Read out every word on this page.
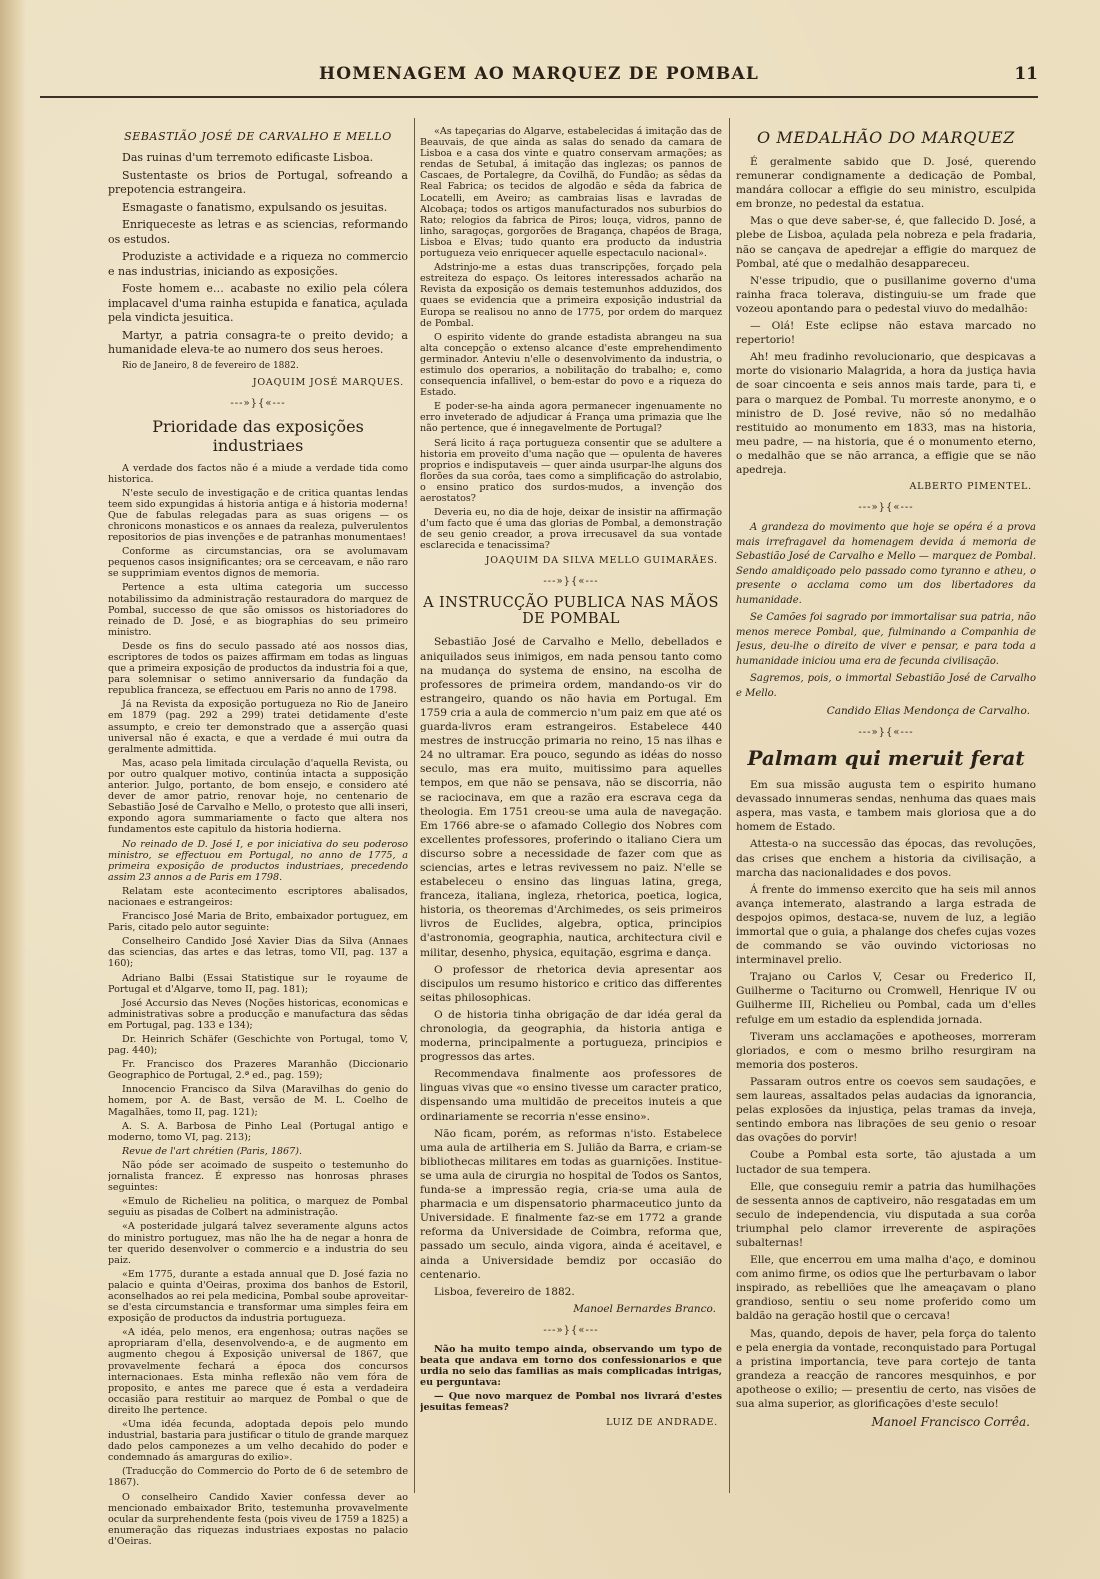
HOMENAGEM AO MARQUEZ DE POMBAL	11
SEBASTIÃO JOSÉ DE CARVALHO E MELLO

Das ruinas d'um terremoto edificaste Lisboa.

Sustentaste os brios de Portugal, sofreando a prepotencia estrangeira.

Esmagaste o fanatismo, expulsando os jesuitas.

Enriqueceste as letras e as sciencias, reformando os estudos.

Produziste a actividade e a riqueza no commercio e nas industrias, iniciando as exposições.

Foste homem e… acabaste no exilio pela cólera implacavel d'uma rainha estupida e fanatica, açulada pela vindicta jesuitica.

Martyr, a patria consagra-te o preito devido; a humanidade eleva-te ao numero dos seus heroes.

Rio de Janeiro, 8 de fevereiro de 1882.
JOAQUIM JOSÉ MARQUES.
---»}{«---
Prioridade das exposições industriaes

A verdade dos factos não é a miude a verdade tida como historica.

N'este seculo de investigação e de critica quantas lendas teem sido expungidas á historia antiga e á historia moderna! Que de fabulas relegadas para as suas origens — os chronicons monasticos e os annaes da realeza, pulverulentos repositorios de pias invenções e de patranhas monumentaes!

Conforme as circumstancias, ora se avolumavam pequenos casos insignificantes; ora se cerceavam, e não raro se supprimiam eventos dignos de memoria.

Pertence a esta ultima categoria um successo notabilissimo da administração restauradora do marquez de Pombal, successo de que são omissos os historiadores do reinado de D. José, e as biographias do seu primeiro ministro.

Desde os fins do seculo passado até aos nossos dias, escriptores de todos os paizes affirmam em todas as linguas que a primeira exposição de productos da industria foi a que, para solemnisar o setimo anniversario da fundação da republica franceza, se effectuou em Paris no anno de 1798.

Já na Revista da exposição portugueza no Rio de Janeiro em 1879 (pag. 292 a 299) tratei detidamente d'este assumpto, e creio ter demonstrado que a asserção quasi universal não é exacta, e que a verdade é mui outra da geralmente admittida.

Mas, acaso pela limitada circulação d'aquella Revista, ou por outro qualquer motivo, continúa intacta a supposição anterior. Julgo, portanto, de bom ensejo, e considero até dever de amor patrio, renovar hoje, no centenario de Sebastião José de Carvalho e Mello, o protesto que alli inseri, expondo agora summariamente o facto que altera nos fundamentos este capitulo da historia hodierna.

No reinado de D. José I, e por iniciativa do seu poderoso ministro, se effectuou em Portugal, no anno de 1775, a primeira exposição de productos industriaes, precedendo assim 23 annos a de Paris em 1798.

Relatam este acontecimento escriptores abalisados, nacionaes e estrangeiros:

Francisco José Maria de Brito, embaixador portuguez, em Paris, citado pelo autor seguinte:

Conselheiro Candido José Xavier Dias da Silva (Annaes das sciencias, das artes e das letras, tomo VII, pag. 137 a 160);

Adriano Balbi (Essai Statistique sur le royaume de Portugal et d'Algarve, tomo II, pag. 181);

José Accursio das Neves (Noções historicas, economicas e administrativas sobre a producção e manufactura das sêdas em Portugal, pag. 133 e 134);

Dr. Heinrich Schäfer (Geschichte von Portugal, tomo V, pag. 440);

Fr. Francisco dos Prazeres Maranhão (Diccionario Geographico de Portugal, 2.ª ed., pag. 159);

Innocencio Francisco da Silva (Maravilhas do genio do homem, por A. de Bast, versão de M. L. Coelho de Magalhães, tomo II, pag. 121);

A. S. A. Barbosa de Pinho Leal (Portugal antigo e moderno, tomo VI, pag. 213);

Revue de l'art chrétien (Paris, 1867).

Não póde ser acoimado de suspeito o testemunho do jornalista francez. É expresso nas honrosas phrases seguintes:

«Emulo de Richelieu na politica, o marquez de Pombal seguiu as pisadas de Colbert na administração.

«A posteridade julgará talvez severamente alguns actos do ministro portuguez, mas não lhe ha de negar a honra de ter querido desenvolver o commercio e a industria do seu paiz.

«Em 1775, durante a estada annual que D. José fazia no palacio e quinta d'Oeiras, proxima dos banhos de Estoril, aconselhados ao rei pela medicina, Pombal soube aproveitar-se d'esta circumstancia e transformar uma simples feira em exposição de productos da industria portugueza.

«A idéa, pelo menos, era engenhosa; outras nações se apropriaram d'ella, desenvolvendo-a, e de augmento em augmento chegou á Exposição universal de 1867, que provavelmente fechará a época dos concursos internacionaes. Esta minha reflexão não vem fóra de proposito, e antes me parece que é esta a verdadeira occasião para restituir ao marquez de Pombal o que de direito lhe pertence.

«Uma idéa fecunda, adoptada depois pelo mundo industrial, bastaria para justificar o titulo de grande marquez dado pelos camponezes a um velho decahido do poder e condemnado ás amarguras do exilio».

(Traducção do Commercio do Porto de 6 de setembro de 1867).

O conselheiro Candido Xavier confessa dever ao mencionado embaixador Brito, testemunha provavelmente ocular da surprehendente festa (pois viveu de 1759 a 1825) a enumeração das riquezas industriaes expostas no palacio d'Oeiras.

«As tapeçarias do Algarve, estabelecidas á imitação das de Beauvais, de que ainda as salas do senado da camara de Lisboa e a casa dos vinte e quatro conservam armações; as rendas de Setubal, á imitação das inglezas; os pannos de Cascaes, de Portalegre, da Covilhã, do Fundão; as sêdas da Real Fabrica; os tecidos de algodão e sêda da fabrica de Locatelli, em Aveiro; as cambraias lisas e lavradas de Alcobaça; todos os artigos manufacturados nos suburbios do Rato; relogios da fabrica de Piros; louça, vidros, panno de linho, saragoças, gorgorões de Bragança, chapéos de Braga, Lisboa e Elvas; tudo quanto era producto da industria portugueza veio enriquecer aquelle espectaculo nacional».

Adstrinjo-me a estas duas transcripções, forçado pela estreiteza do espaço. Os leitores interessados acharão na Revista da exposição os demais testemunhos adduzidos, dos quaes se evidencia que a primeira exposição industrial da Europa se realisou no anno de 1775, por ordem do marquez de Pombal.

O espirito vidente do grande estadista abrangeu na sua alta concepção o extenso alcance d'este emprehendimento germinador. Anteviu n'elle o desenvolvimento da industria, o estimulo dos operarios, a nobilitação do trabalho; e, como consequencia infallivel, o bem-estar do povo e a riqueza do Estado.

E poder-se-ha ainda agora permanecer ingenuamente no erro inveterado de adjudicar á França uma primazia que lhe não pertence, que é innegavelmente de Portugal?

Será licito á raça portugueza consentir que se adultere a historia em proveito d'uma nação que — opulenta de haveres proprios e indisputaveis — quer ainda usurpar-lhe alguns dos florões da sua corôa, taes como a simplificação do astrolabio, o ensino pratico dos surdos-mudos, a invenção dos aerostatos?

Deveria eu, no dia de hoje, deixar de insistir na affirmação d'um facto que é uma das glorias de Pombal, a demonstração de seu genio creador, a prova irrecusavel da sua vontade esclarecida e tenacissima?

JOAQUIM DA SILVA MELLO GUIMARÃES.
---»}{«---
A INSTRUCÇÃO PUBLICA NAS MÃOS DE POMBAL

Sebastião José de Carvalho e Mello, debellados e aniquilados seus inimigos, em nada pensou tanto como na mudança do systema de ensino, na escolha de professores de primeira ordem, mandando-os vir do estrangeiro, quando os não havia em Portugal. Em 1759 cria a aula de commercio n'um paiz em que até os guarda-livros eram estrangeiros. Estabelece 440 mestres de instrucção primaria no reino, 15 nas ilhas e 24 no ultramar. Era pouco, segundo as idéas do nosso seculo, mas era muito, muitissimo para aquelles tempos, em que não se pensava, não se discorria, não se raciocinava, em que a razão era escrava cega da theologia. Em 1751 creou-se uma aula de navegação. Em 1766 abre-se o afamado Collegio dos Nobres com excellentes professores, proferindo o italiano Ciera um discurso sobre a necessidade de fazer com que as sciencias, artes e letras revivessem no paiz. N'elle se estabeleceu o ensino das linguas latina, grega, franceza, italiana, ingleza, rhetorica, poetica, logica, historia, os theoremas d'Archimedes, os seis primeiros livros de Euclides, algebra, optica, principios d'astronomia, geographia, nautica, architectura civil e militar, desenho, physica, equitação, esgrima e dança.

O professor de rhetorica devia apresentar aos discipulos um resumo historico e critico das differentes seitas philosophicas.

O de historia tinha obrigação de dar idéa geral da chronologia, da geographia, da historia antiga e moderna, principalmente a portugueza, principios e progressos das artes.

Recommendava finalmente aos professores de linguas vivas que «o ensino tivesse um caracter pratico, dispensando uma multidão de preceitos inuteis a que ordinariamente se recorria n'esse ensino».

Não ficam, porém, as reformas n'isto. Estabelece uma aula de artilheria em S. Julião da Barra, e criam-se bibliothecas militares em todas as guarnições. Institue-se uma aula de cirurgia no hospital de Todos os Santos, funda-se a impressão regia, cria-se uma aula de pharmacia e um dispensatorio pharmaceutico junto da Universidade. E finalmente faz-se em 1772 a grande reforma da Universidade de Coimbra, reforma que, passado um seculo, ainda vigora, ainda é aceitavel, e ainda a Universidade bemdiz por occasião do centenario.

Lisboa, fevereiro de 1882.

Manoel Bernardes Branco.
---»}{«---

Não ha muito tempo ainda, observando um typo de beata que andava em torno dos confessionarios e que urdia no seio das familias as mais complicadas intrigas, eu perguntava:

— Que novo marquez de Pombal nos livrará d'estes jesuitas femeas?

LUIZ DE ANDRADE.
O MEDALHÃO DO MARQUEZ

É geralmente sabido que D. José, querendo remunerar condignamente a dedicação de Pombal, mandára collocar a effigie do seu ministro, esculpida em bronze, no pedestal da estatua.

Mas o que deve saber-se, é, que fallecido D. José, a plebe de Lisboa, açulada pela nobreza e pela fradaria, não se cançava de apedrejar a effigie do marquez de Pombal, até que o medalhão desappareceu.

N'esse tripudio, que o pusillanime governo d'uma rainha fraca tolerava, distinguiu-se um frade que vozeou apontando para o pedestal viuvo do medalhão:

— Olá! Este eclipse não estava marcado no repertorio!

Ah! meu fradinho revolucionario, que despicavas a morte do visionario Malagrida, a hora da justiça havia de soar cincoenta e seis annos mais tarde, para ti, e para o marquez de Pombal. Tu morreste anonymo, e o ministro de D. José revive, não só no medalhão restituido ao monumento em 1833, mas na historia, meu padre, — na historia, que é o monumento eterno, o medalhão que se não arranca, a effigie que se não apedreja.

ALBERTO PIMENTEL.
---»}{«---

A grandeza do movimento que hoje se opéra é a prova mais irrefragavel da homenagem devida á memoria de Sebastião José de Carvalho e Mello — marquez de Pombal. Sendo amaldiçoado pelo passado como tyranno e atheu, o presente o acclama como um dos libertadores da humanidade.

Se Camões foi sagrado por immortalisar sua patria, não menos merece Pombal, que, fulminando a Companhia de Jesus, deu-lhe o direito de viver e pensar, e para toda a humanidade iniciou uma era de fecunda civilisação.

Sagremos, pois, o immortal Sebastião José de Carvalho e Mello.

Candido Elias Mendonça de Carvalho.
---»}{«---
Palmam qui meruit ferat

Em sua missão augusta tem o espirito humano devassado innumeras sendas, nenhuma das quaes mais aspera, mas vasta, e tambem mais gloriosa que a do homem de Estado.

Attesta-o na successão das épocas, das revoluções, das crises que enchem a historia da civilisação, a marcha das nacionalidades e dos povos.

Á frente do immenso exercito que ha seis mil annos avança intemerato, alastrando a larga estrada de despojos opimos, destaca-se, nuvem de luz, a legião immortal que o guia, a phalange dos chefes cujas vozes de commando se vão ouvindo victoriosas no interminavel prelio.

Trajano ou Carlos V, Cesar ou Frederico II, Guilherme o Taciturno ou Cromwell, Henrique IV ou Guilherme III, Richelieu ou Pombal, cada um d'elles refulge em um estadio da esplendida jornada.

Tiveram uns acclamações e apotheoses, morreram gloriados, e com o mesmo brilho resurgiram na memoria dos posteros.

Passaram outros entre os coevos sem saudações, e sem laureas, assaltados pelas audacias da ignorancia, pelas explosões da injustiça, pelas tramas da inveja, sentindo embora nas librações de seu genio o resoar das ovações do porvir!

Coube a Pombal esta sorte, tão ajustada a um luctador de sua tempera.

Elle, que conseguiu remir a patria das humilhações de sessenta annos de captiveiro, não resgatadas em um seculo de independencia, viu disputada a sua corôa triumphal pelo clamor irreverente de aspirações subalternas!

Elle, que encerrou em uma malha d'aço, e dominou com animo firme, os odios que lhe perturbavam o labor inspirado, as rebelliões que lhe ameaçavam o plano grandioso, sentiu o seu nome proferido como um baldão na geração hostil que o cercava!

Mas, quando, depois de haver, pela força do talento e pela energia da vontade, reconquistado para Portugal a pristina importancia, teve para cortejo de tanta grandeza a reacção de rancores mesquinhos, e por apotheose o exilio; — presentiu de certo, nas visões de sua alma superior, as glorificações d'este seculo!

Manoel Francisco Corrêa.
